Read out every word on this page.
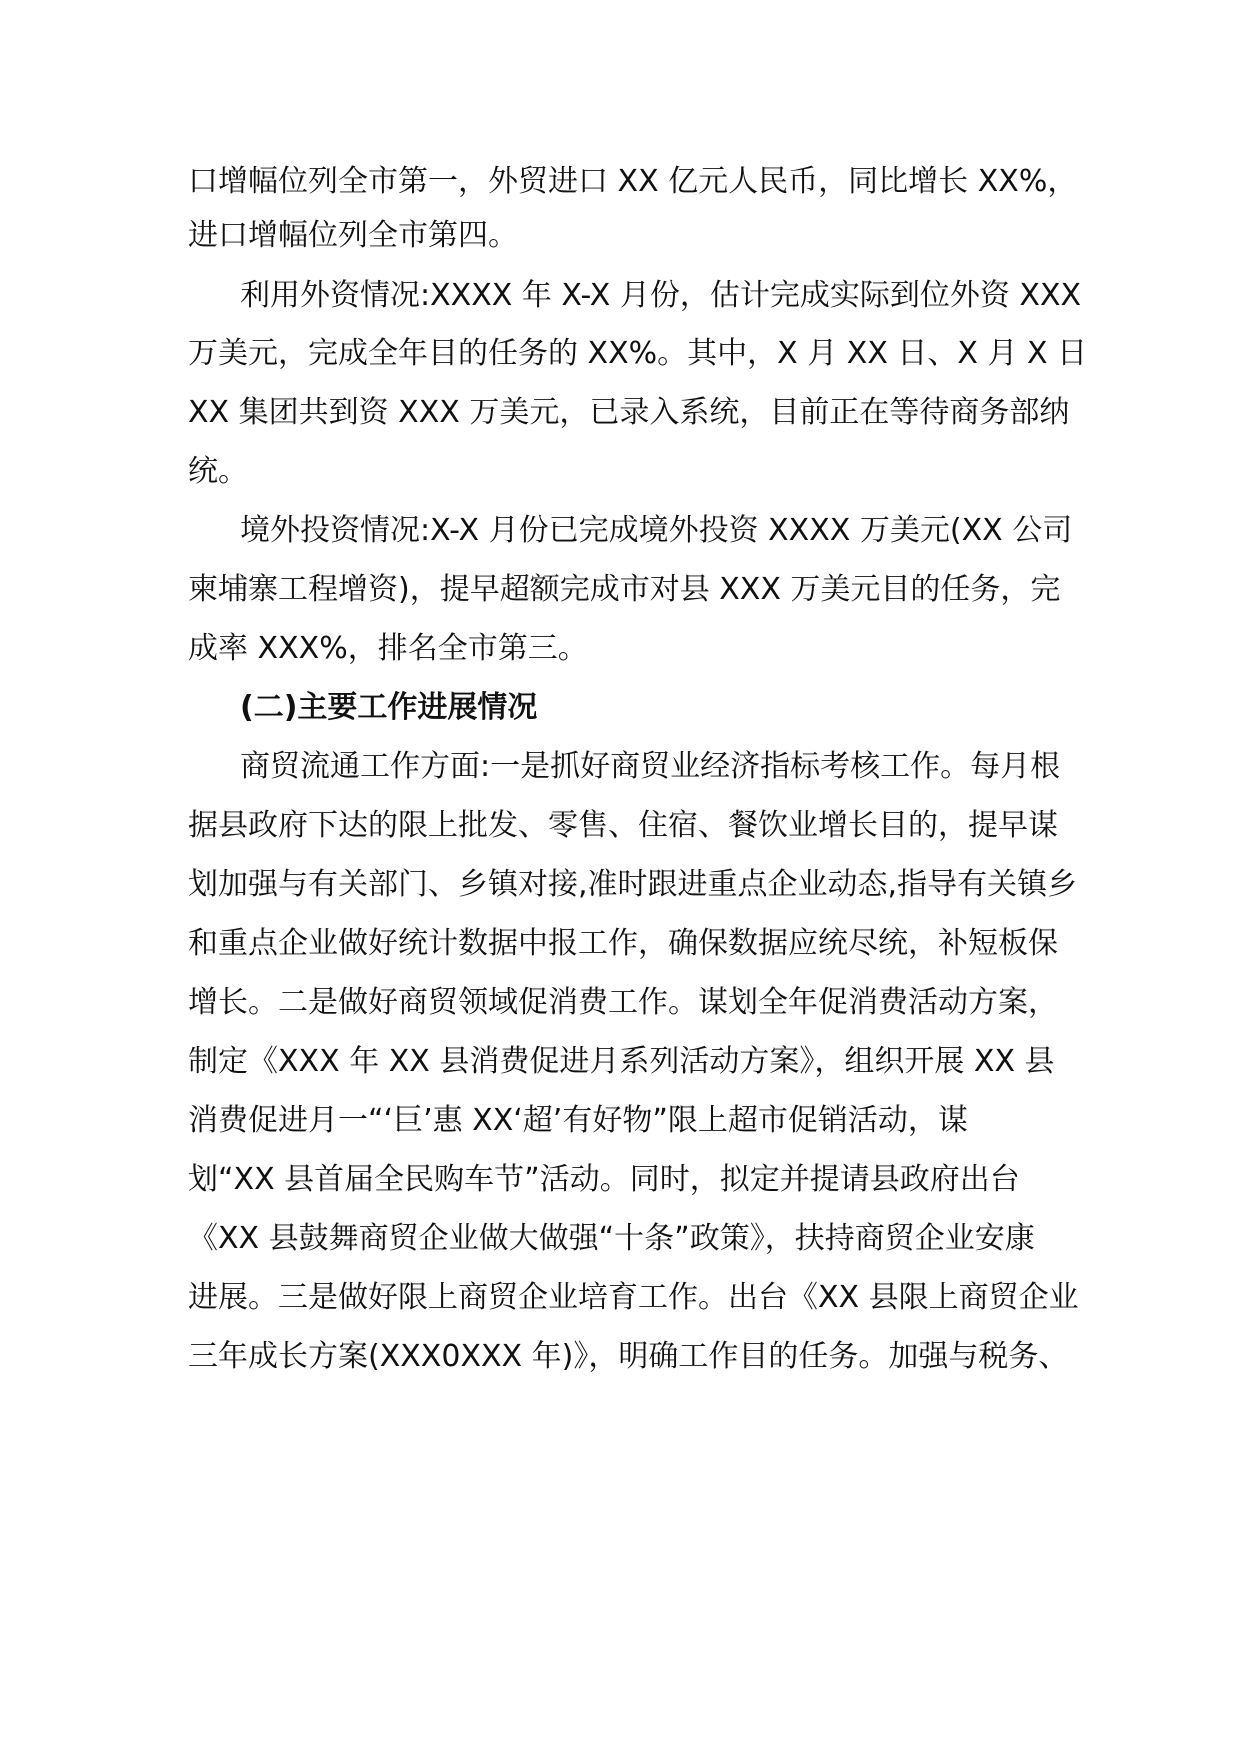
口增幅位列全市第一，外贸进口 XX 亿元人民币，同比增长 XX%，
进口增幅位列全市第四。
利用外资情况:XXXX 年 X-X 月份，估计完成实际到位外资 XXX
万美元，完成全年目的任务的 XX%。其中，X 月 XX 日、X 月 X 日
XX 集团共到资 XXX 万美元，已录入系统，目前正在等待商务部纳
统。
境外投资情况:X-X 月份已完成境外投资 XXXX 万美元(XX 公司
柬埔寨工程增资)，提早超额完成市对县 XXX 万美元目的任务，完
成率 XXX%，排名全市第三。
(二)主要工作进展情况
商贸流通工作方面:一是抓好商贸业经济指标考核工作。每月根
据县政府下达的限上批发、零售、住宿、餐饮业增长目的，提早谋
划加强与有关部门、乡镇对接,准时跟进重点企业动态,指导有关镇乡
和重点企业做好统计数据中报工作，确保数据应统尽统，补短板保
增长。二是做好商贸领域促消费工作。谋划全年促消费活动方案，
制定《XXX 年 XX 县消费促进月系列活动方案》，组织开展 XX 县
消费促进月一“‘巨’惠 XX‘超’有好物”限上超市促销活动，谋
划“XX 县首届全民购车节”活动。同时，拟定并提请县政府出台
《XX 县鼓舞商贸企业做大做强“十条”政策》，扶持商贸企业安康
进展。三是做好限上商贸企业培育工作。出台《XX 县限上商贸企业
三年成长方案(XXX0XXX 年)》，明确工作目的任务。加强与税务、
